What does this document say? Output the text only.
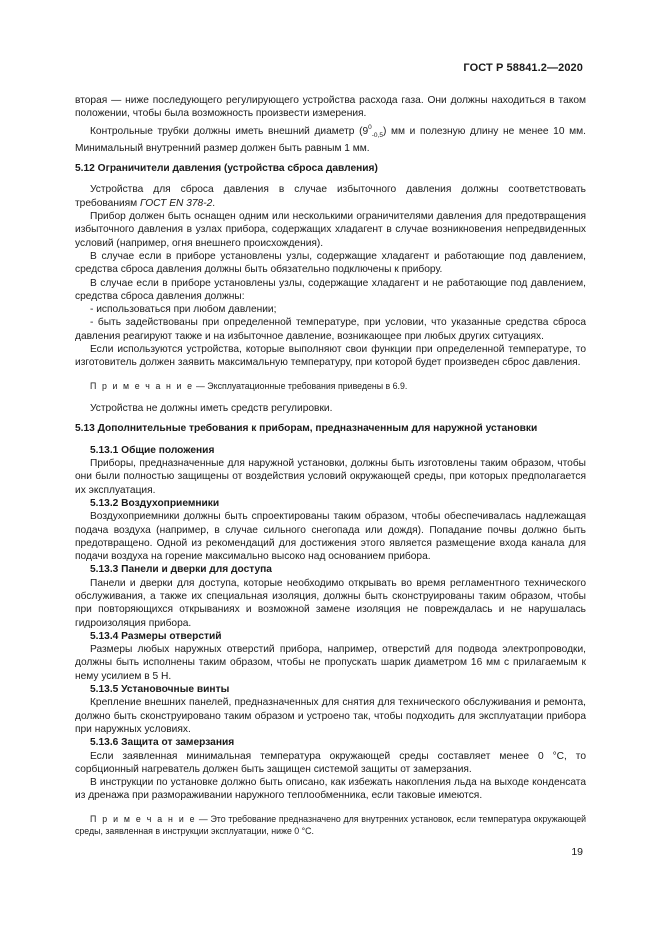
ГОСТ Р 58841.2—2020

вторая — ниже последующего регулирующего устройства расхода газа. Они должны находиться в таком положении, чтобы была возможность произвести измерения.

Контрольные трубки должны иметь внешний диаметр $(9^0_{-0,5})$ мм и полезную длину не менее 10 мм. Минимальный внутренний размер должен быть равным 1 мм.

5.12 Ограничители давления (устройства сброса давления)

Устройства для сброса давления в случае избыточного давления должны соответствовать требованиям ГОСТ EN 378-2.

Прибор должен быть оснащен одним или несколькими ограничителями давления для предотвращения избыточного давления в узлах прибора, содержащих хладагент в случае возникновения непредвиденных условий (например, огня внешнего происхождения).

В случае если в приборе установлены узлы, содержащие хладагент и работающие под давлением, средства сброса давления должны быть обязательно подключены к прибору.

В случае если в приборе установлены узлы, содержащие хладагент и не работающие под давлением, средства сброса давления должны:

- использоваться при любом давлении;

- быть задействованы при определенной температуре, при условии, что указанные средства сброса давления реагируют также и на избыточное давление, возникающее при любых других ситуациях.

Если используются устройства, которые выполняют свои функции при определенной температуре, то изготовитель должен заявить максимальную температуру, при которой будет произведен сброс давления.

П р и м е ч а н и е — Эксплуатационные требования приведены в 6.9.

Устройства не должны иметь средств регулировки.

5.13 Дополнительные требования к приборам, предназначенным для наружной установки

5.13.1 Общие положения

Приборы, предназначенные для наружной установки, должны быть изготовлены таким образом, чтобы они были полностью защищены от воздействия условий окружающей среды, при которых предполагается их эксплуатация.

5.13.2 Воздухоприемники

Воздухоприемники должны быть спроектированы таким образом, чтобы обеспечивалась надлежащая подача воздуха (например, в случае сильного снегопада или дождя). Попадание почвы должно быть предотвращено. Одной из рекомендаций для достижения этого является размещение входа канала для подачи воздуха на горение максимально высоко над основанием прибора.

5.13.3 Панели и дверки для доступа

Панели и дверки для доступа, которые необходимо открывать во время регламентного технического обслуживания, а также их специальная изоляция, должны быть сконструированы таким образом, чтобы при повторяющихся открываниях и возможной замене изоляция не повреждалась и не нарушалась гидроизоляция прибора.

5.13.4 Размеры отверстий

Размеры любых наружных отверстий прибора, например, отверстий для подвода электропроводки, должны быть исполнены таким образом, чтобы не пропускать шарик диаметром 16 мм с прилагаемым к нему усилием в 5 Н.

5.13.5 Установочные винты

Крепление внешних панелей, предназначенных для снятия для технического обслуживания и ремонта, должно быть сконструировано таким образом и устроено так, чтобы подходить для эксплуатации прибора при наружных условиях.

5.13.6 Защита от замерзания

Если заявленная минимальная температура окружающей среды составляет менее 0 °С, то сорбционный нагреватель должен быть защищен системой защиты от замерзания.

В инструкции по установке должно быть описано, как избежать накопления льда на выходе конденсата из дренажа при размораживании наружного теплообменника, если таковые имеются.

П р и м е ч а н и е — Это требование предназначено для внутренних установок, если температура окружающей среды, заявленная в инструкции эксплуатации, ниже 0 °С.

19
